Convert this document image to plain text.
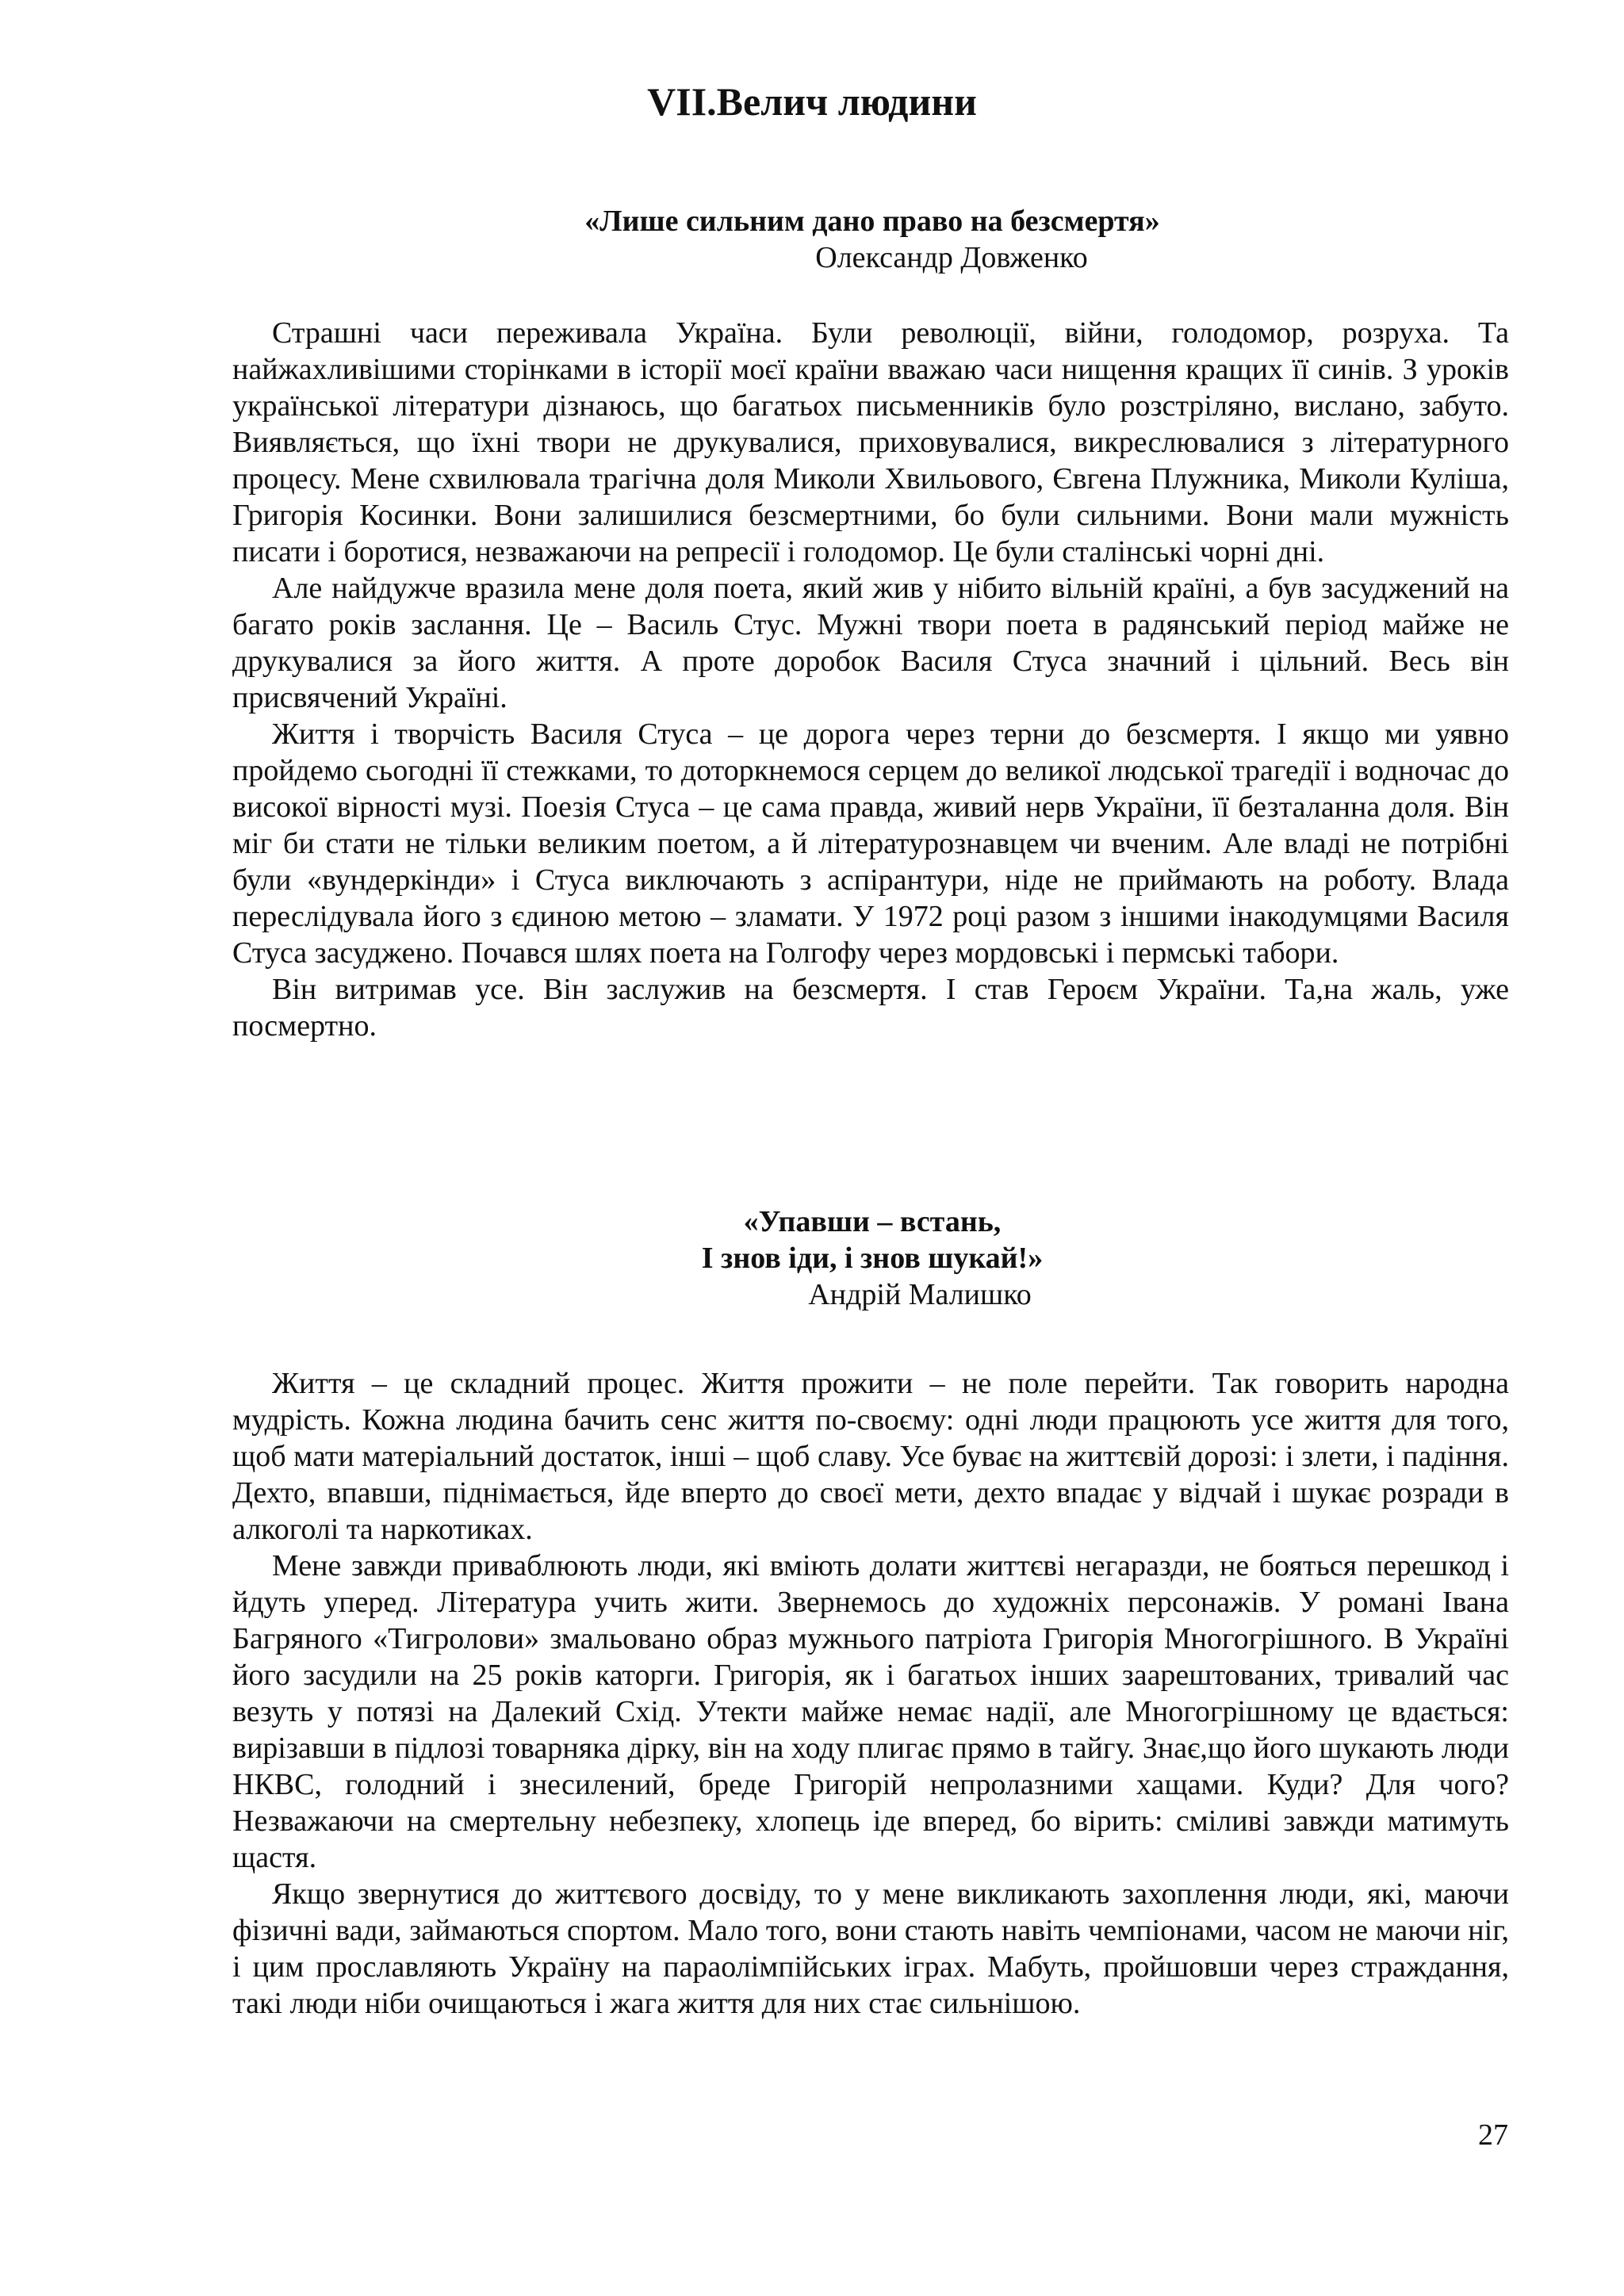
VII.Велич людини
«Лише сильним дано право на безсмертя»
Олександр Довженко

Страшні часи переживала Україна. Були революції, війни, голодомор, розруха. Та найжахливішими сторінками в історії моєї країни вважаю часи нищення кращих її синів. З уроків української літератури дізнаюсь, що багатьох письменників було розстріляно, вислано, забуто. Виявляється, що їхні твори не друкувалися, приховувалися, викреслювалися з літературного процесу. Мене схвилювала трагічна доля Миколи Хвильового, Євгена Плужника, Миколи Куліша, Григорія Косинки. Вони залишилися безсмертними, бо були сильними. Вони мали мужність писати і боротися, незважаючи на репресії і голодомор. Це були сталінські чорні дні.

Але найдужче вразила мене доля поета, який жив у нібито вільній країні, а був засуджений на багато років заслання. Це – Василь Стус. Мужні твори поета в радянський період майже не друкувалися за його життя. А проте доробок Василя Стуса значний і цільний. Весь він присвячений Україні.

Життя і творчість Василя Стуса – це дорога через терни до безсмертя. І якщо ми уявно пройдемо сьогодні її стежками, то доторкнемося серцем до великої людської трагедії і водночас до високої вірності музі. Поезія Стуса – це сама правда, живий нерв України, її безталанна доля. Він міг би стати не тільки великим поетом, а й літературознавцем чи вченим. Але владі не потрібні були «вундеркінди» і Стуса виключають з аспірантури, ніде не приймають на роботу. Влада переслідувала його з єдиною метою – зламати. У 1972 році разом з іншими інакодумцями Василя Стуса засуджено. Почався шлях поета на Голгофу через мордовські і пермські табори.

Він витримав усе. Він заслужив на безсмертя. І став Героєм України. Та,на жаль, уже посмертно.

«Упавши – встань,
І знов іди, і знов шукай!»
Андрій Малишко

Життя – це складний процес. Життя прожити – не поле перейти. Так говорить народна мудрість. Кожна людина бачить сенс життя по-своєму: одні люди працюють усе життя для того, щоб мати матеріальний достаток, інші – щоб славу. Усе буває на життєвій дорозі: і злети, і падіння. Дехто, впавши, піднімається, йде вперто до своєї мети, дехто впадає у відчай і шукає розради в алкоголі та наркотиках.

Мене завжди приваблюють люди, які вміють долати життєві негаразди, не бояться перешкод і йдуть уперед. Література учить жити. Звернемось до художніх персонажів. У романі Івана Багряного «Тигролови» змальовано образ мужнього патріота Григорія Многогрішного. В Україні його засудили на 25 років каторги. Григорія, як і багатьох інших заарештованих, тривалий час везуть у потязі на Далекий Схід. Утекти майже немає надії, але Многогрішному це вдається: вирізавши в підлозі товарняка дірку, він на ходу плигає прямо в тайгу. Знає,що його шукають люди НКВС, голодний і знесилений, бреде Григорій непролазними хащами. Куди? Для чого? Незважаючи на смертельну небезпеку, хлопець іде вперед, бо вірить: сміливі завжди матимуть щастя.

Якщо звернутися до життєвого досвіду, то у мене викликають захоплення люди, які, маючи фізичні вади, займаються спортом. Мало того, вони стають навіть чемпіонами, часом не маючи ніг, і цим прославляють Україну на параолімпійських іграх. Мабуть, пройшовши через страждання, такі люди ніби очищаються і жага життя для них стає сильнішою.

27
